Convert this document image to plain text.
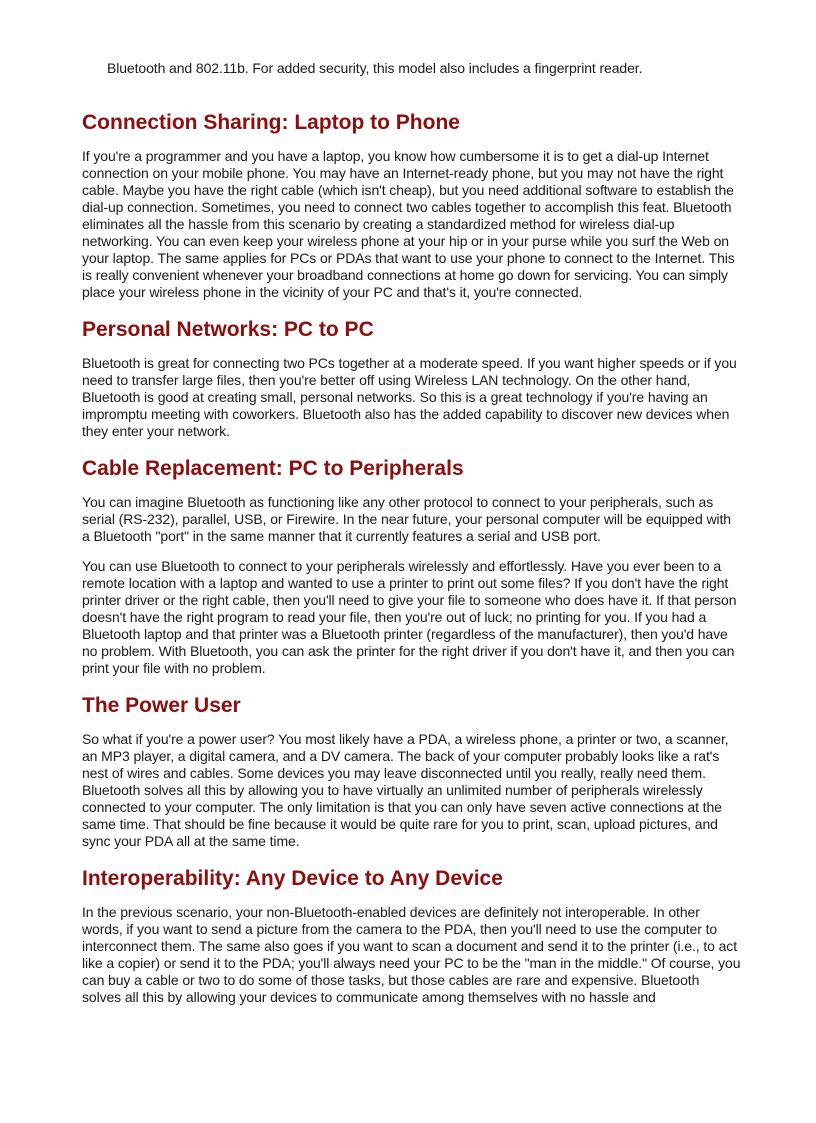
Bluetooth and 802.11b. For added security, this model also includes a fingerprint reader.

Connection Sharing: Laptop to Phone

If you're a programmer and you have a laptop, you know how cumbersome it is to get a dial-up Internet connection on your mobile phone. You may have an Internet-ready phone, but you may not have the right cable. Maybe you have the right cable (which isn't cheap), but you need additional software to establish the dial-up connection. Sometimes, you need to connect two cables together to accomplish this feat. Bluetooth eliminates all the hassle from this scenario by creating a standardized method for wireless dial-up networking. You can even keep your wireless phone at your hip or in your purse while you surf the Web on your laptop. The same applies for PCs or PDAs that want to use your phone to connect to the Internet. This is really convenient whenever your broadband connections at home go down for servicing. You can simply place your wireless phone in the vicinity of your PC and that's it, you're connected.

Personal Networks: PC to PC

Bluetooth is great for connecting two PCs together at a moderate speed. If you want higher speeds or if you need to transfer large files, then you're better off using Wireless LAN technology. On the other hand, Bluetooth is good at creating small, personal networks. So this is a great technology if you're having an impromptu meeting with coworkers. Bluetooth also has the added capability to discover new devices when they enter your network.

Cable Replacement: PC to Peripherals

You can imagine Bluetooth as functioning like any other protocol to connect to your peripherals, such as serial (RS-232), parallel, USB, or Firewire. In the near future, your personal computer will be equipped with a Bluetooth "port" in the same manner that it currently features a serial and USB port.

You can use Bluetooth to connect to your peripherals wirelessly and effortlessly. Have you ever been to a remote location with a laptop and wanted to use a printer to print out some files? If you don't have the right printer driver or the right cable, then you'll need to give your file to someone who does have it. If that person doesn't have the right program to read your file, then you're out of luck; no printing for you. If you had a Bluetooth laptop and that printer was a Bluetooth printer (regardless of the manufacturer), then you'd have no problem. With Bluetooth, you can ask the printer for the right driver if you don't have it, and then you can print your file with no problem.

The Power User

So what if you're a power user? You most likely have a PDA, a wireless phone, a printer or two, a scanner, an MP3 player, a digital camera, and a DV camera. The back of your computer probably looks like a rat's nest of wires and cables. Some devices you may leave disconnected until you really, really need them. Bluetooth solves all this by allowing you to have virtually an unlimited number of peripherals wirelessly connected to your computer. The only limitation is that you can only have seven active connections at the same time. That should be fine because it would be quite rare for you to print, scan, upload pictures, and sync your PDA all at the same time.

Interoperability: Any Device to Any Device

In the previous scenario, your non-Bluetooth-enabled devices are definitely not interoperable. In other words, if you want to send a picture from the camera to the PDA, then you'll need to use the computer to interconnect them. The same also goes if you want to scan a document and send it to the printer (i.e., to act like a copier) or send it to the PDA; you'll always need your PC to be the "man in the middle." Of course, you can buy a cable or two to do some of those tasks, but those cables are rare and expensive. Bluetooth solves all this by allowing your devices to communicate among themselves with no hassle and
